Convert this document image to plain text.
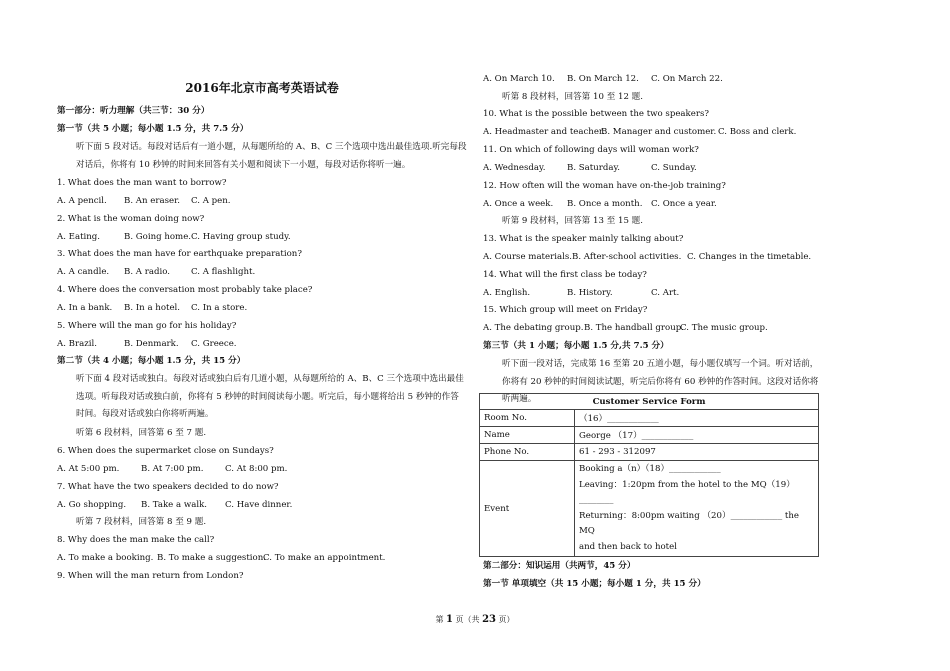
2016年北京市高考英语试卷
第一部分：听力理解（共三节：30 分）
第一节（共 5 小题；每小题 1.5 分，共 7.5 分）
听下面 5 段对话。每段对话后有一道小题，从每题所给的 A、B、C 三个选项中选出最佳选项.听完每段对话后，你将有 10 秒钟的时间来回答有关小题和阅读下一小题，每段对话你将听一遍。
1. What does the man want to borrow?
A. A pencil. B. An eraser. C. A pen.
2. What is the woman doing now?
A. Eating.	B. Going home.C. Having group study.
3. What does the man have for earthquake preparation?
A. A candle. B. A radio. C. A flashlight.
4. Where does the conversation most probably take place?
A. In a bank. B. In a hotel. C. In a store.
5. Where will the man go for his holiday?
A. Brazil.	B. Denmark. C. Greece.
第二节（共 4 小题；每小题 1.5 分，共 15 分）
听下面 4 段对话或独白。每段对话或独白后有几道小题，从每题所给的 A、B、C 三个选项中选出最佳选项。听每段对话或独白前，你将有 5 秒钟的时间阅读每小题。听完后，每小题将给出 5 秒钟的作答时间。每段对话或独白你将听两遍。
听第 6 段材料，回答第 6 至 7 题.
6. When does the supermarket close on Sundays?
A. At 5:00 pm.	B. At 7:00 pm.	C. At 8:00 pm.
7. What have the two speakers decided to do now?
A. Go shopping. B. Take a walk. C. Have dinner.
听第 7 段材料，回答第 8 至 9 题.
8. Why does the man make the call?
A. To make a booking. B. To make a suggestion.C. To make an appointment.
9. When will the man return from London?
A. On March 10. B. On March 12. C. On March 22.
听第 8 段材料，回答第 10 至 12 题.
10. What is the possible between the two speakers?
A. Headmaster and teacher.B. Manager and customer. C. Boss and clerk.
11. On which of following days will woman work?
A. Wednesday.	B. Saturday.	C. Sunday.
12. How often will the woman have on-the-job training?
A. Once a week. B. Once a month. C. Once a year.
听第 9 段材料，回答第 13 至 15 题.
13. What is the speaker mainly talking about?
A. Course materials.B. After-school activities. C. Changes in the timetable.
14. What will the first class be today?
A. English.	B. History.	C. Art.
15. Which group will meet on Friday?
A. The debating group.B. The handball group.C. The music group.
第三节（共 1 小题；每小题 1.5 分,共 7.5 分）
听下面一段对话，完成第 16 至第 20 五道小题，每小题仅填写一个词。听对话前，你将有 20 秒钟的时间阅读试题，听完后你将有 60 秒钟的作答时间。这段对话你将听两遍。
第二部分：知识运用（共两节，45 分）
第一节 单项填空（共 15 小题；每小题 1 分，共 15 分）
Customer Service Form	
Room No.	（16）____________
Name	George （17）____________
Phone No.	61 - 293 - 312097
Event	Booking a（n）（18）____________
Leaving：1:20pm from the hotel to the MQ（19）________
Returning：8:00pm waiting （20）____________ the MQ
and then back to hotel
第 1 页（共 23 页）
